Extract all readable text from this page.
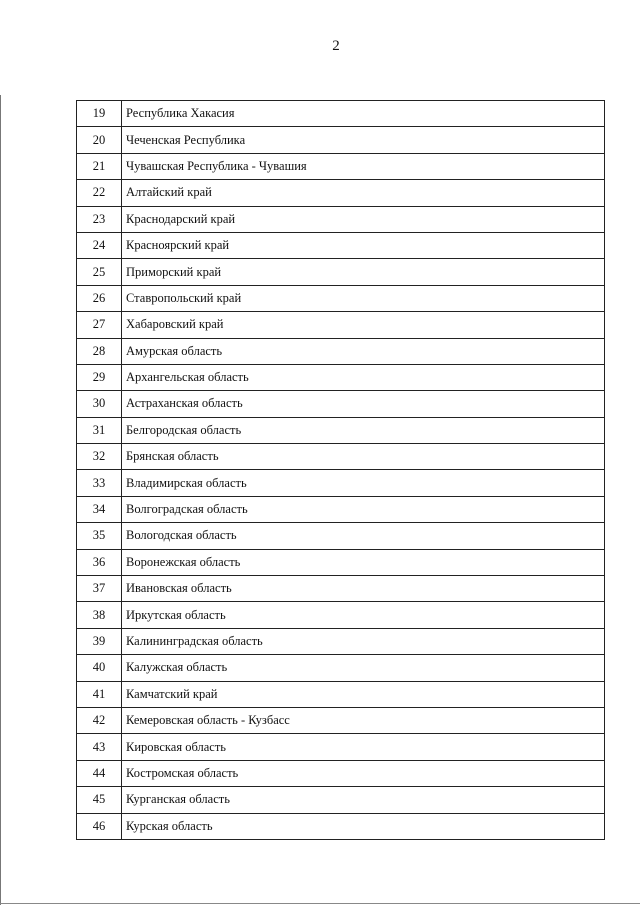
2
19	Республика Хакасия
20	Чеченская Республика
21	Чувашская Республика - Чувашия
22	Алтайский край
23	Краснодарский край
24	Красноярский край
25	Приморский край
26	Ставропольский край
27	Хабаровский край
28	Амурская область
29	Архангельская область
30	Астраханская область
31	Белгородская область
32	Брянская область
33	Владимирская область
34	Волгоградская область
35	Вологодская область
36	Воронежская область
37	Ивановская область
38	Иркутская область
39	Калининградская область
40	Калужская область
41	Камчатский край
42	Кемеровская область - Кузбасс
43	Кировская область
44	Костромская область
45	Курганская область
46	Курская область
